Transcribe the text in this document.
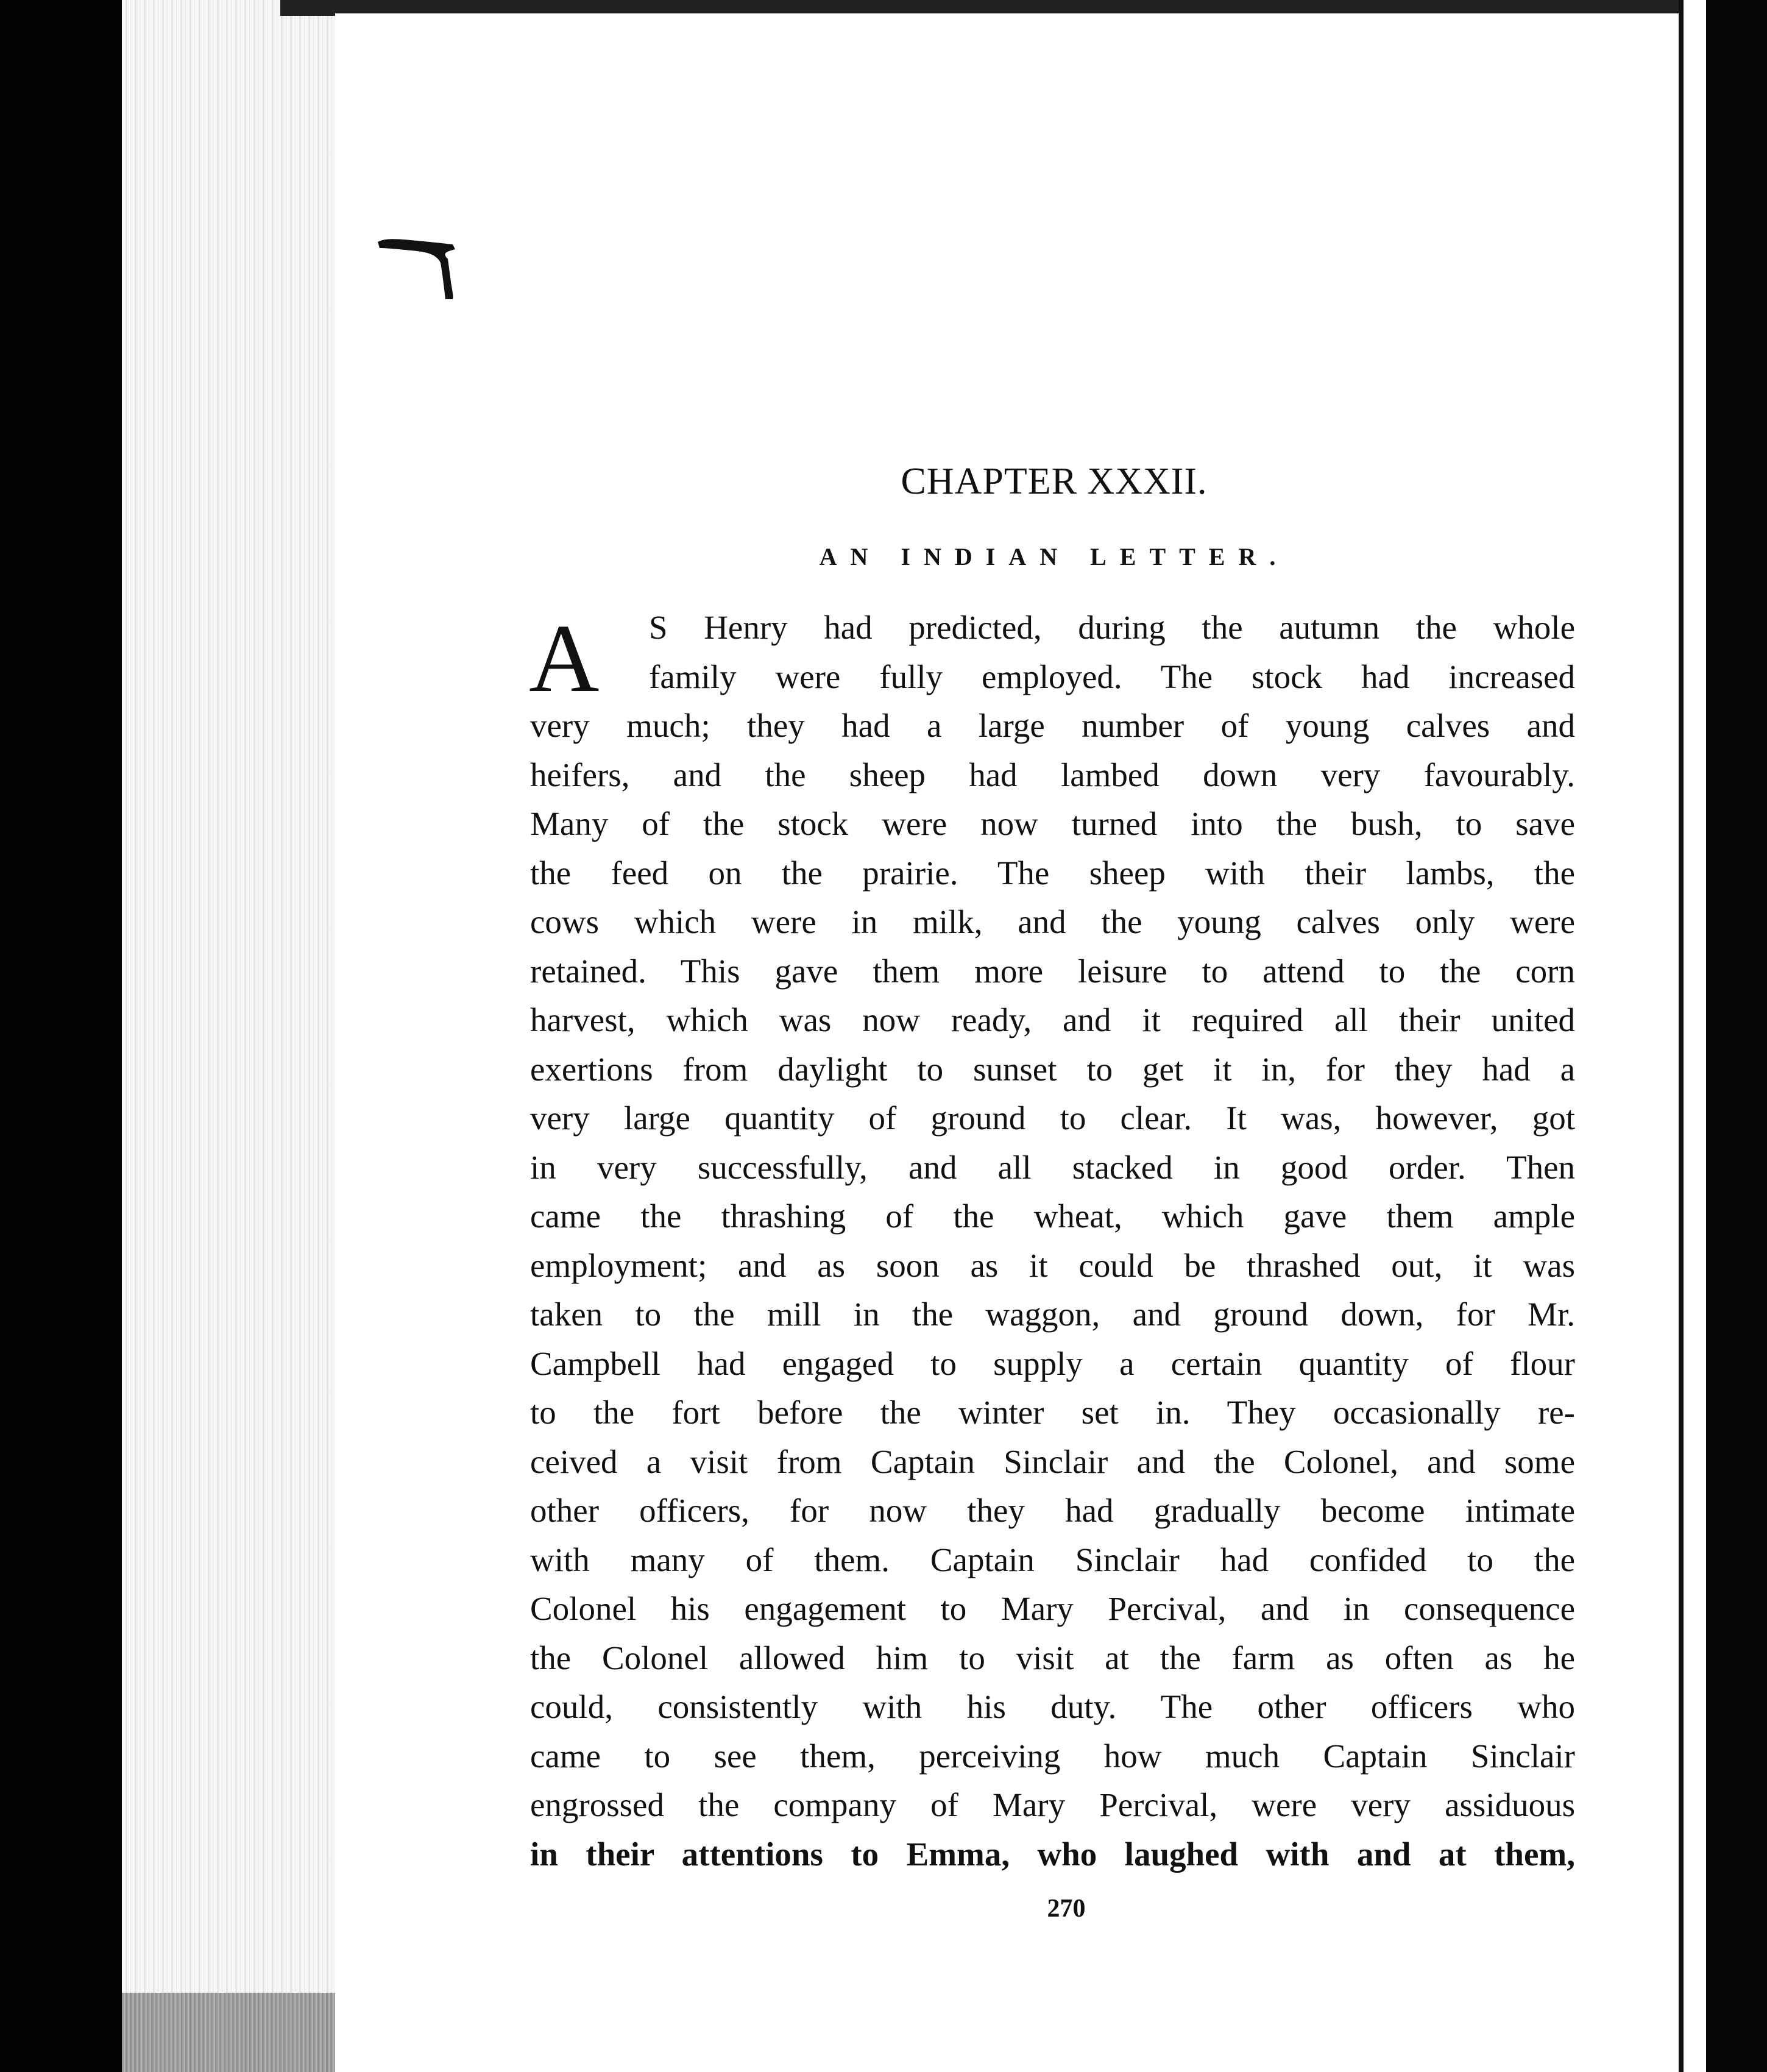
CHAPTER XXXII.
AN INDIAN LETTER.
A	S Henry had predicted, during the autumn the whole
family were fully employed. The stock had increased
very much; they had a large number of young calves and
heifers, and the sheep had lambed down very favourably.
Many of the stock were now turned into the bush, to save
the feed on the prairie. The sheep with their lambs, the
cows which were in milk, and the young calves only were
retained. This gave them more leisure to attend to the corn
harvest, which was now ready, and it required all their united
exertions from daylight to sunset to get it in, for they had a
very large quantity of ground to clear. It was, however, got
in very successfully, and all stacked in good order. Then
came the thrashing of the wheat, which gave them ample
employment; and as soon as it could be thrashed out, it was
taken to the mill in the waggon, and ground down, for Mr.
Campbell had engaged to supply a certain quantity of flour
to the fort before the winter set in. They occasionally re-
ceived a visit from Captain Sinclair and the Colonel, and some
other officers, for now they had gradually become intimate
with many of them. Captain Sinclair had confided to the
Colonel his engagement to Mary Percival, and in consequence
the Colonel allowed him to visit at the farm as often as he
could, consistently with his duty. The other officers who
came to see them, perceiving how much Captain Sinclair
engrossed the company of Mary Percival, were very assiduous
in their attentions to Emma, who laughed with and at them,
270
